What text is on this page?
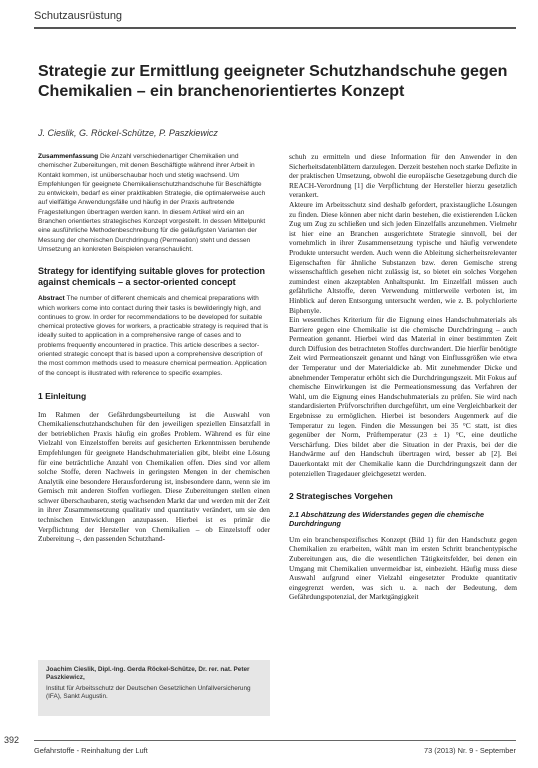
Schutzausrüstung
Strategie zur Ermittlung geeigneter Schutzhandschuhe gegen Chemikalien – ein branchenorientiertes Konzept
J. Cieslik, G. Röckel-Schütze, P. Paszkiewicz

Zusammenfassung Die Anzahl verschiedenartiger Chemikalien und chemischer Zubereitungen, mit denen Beschäftigte während ihrer Arbeit in Kontakt kommen, ist unüberschaubar hoch und stetig wachsend. Um Empfehlungen für geeignete Chemikalienschutzhandschuhe für Beschäftigte zu entwickeln, bedarf es einer praktikablen Strategie, die optimalerweise auch auf vielfältige Anwendungsfälle und häufig in der Praxis auftretende Fragestellungen übertragen werden kann. In diesem Artikel wird ein an Branchen orientiertes strategisches Konzept vorgestellt. In dessen Mittelpunkt eine ausführliche Methodenbeschreibung für die geläufigsten Varianten der Messung der chemischen Durchdringung (Permeation) steht und dessen Umsetzung an konkreten Beispielen veranschaulicht.

Strategy for identifying suitable gloves for protection against chemicals – a sector-oriented concept

Abstract The number of different chemicals and chemical preparations with which workers come into contact during their tasks is bewilderingly high, and continues to grow. In order for recommendations to be developed for suitable chemical protective gloves for workers, a practicable strategy is required that is ideally suited to application in a comprehensive range of cases and to problems frequently encountered in practice. This article describes a sector-oriented strategic concept that is based upon a comprehensive description of the most common methods used to measure chemical permeation. Application of the concept is illustrated with reference to specific examples.

1 Einleitung

Im Rahmen der Gefährdungsbeurteilung ist die Auswahl von Chemikalienschutzhandschuhen für den jeweiligen speziellen Einsatzfall in der betrieblichen Praxis häufig ein großes Problem. Während es für eine Vielzahl von Einzelstoffen bereits auf gesicherten Erkenntnissen beruhende Empfehlungen für geeignete Handschuhmaterialien gibt, bleibt eine Lösung für eine beträchtliche Anzahl von Chemikalien offen. Dies sind vor allem solche Stoffe, deren Nachweis in geringsten Mengen in der chemischen Analytik eine besondere Herausforderung ist, insbesondere dann, wenn sie im Gemisch mit anderen Stoffen vorliegen. Diese Zubereitungen stellen einen schwer überschaubaren, stetig wachsenden Markt dar und werden mit der Zeit in ihrer Zusammensetzung qualitativ und quantitativ verändert, um sie den technischen Entwicklungen anzupassen. Hierbei ist es primär die Verpflichtung der Hersteller von Chemikalien – ob Einzelstoff oder Zubereitung –, den passenden Schutzhand-

Joachim Cieslik, Dipl.-Ing. Gerda Röckel-Schütze, Dr. rer. nat. Peter Paszkiewicz,
Institut für Arbeitsschutz der Deutschen Gesetzlichen Unfallversicherung (IFA), Sankt Augustin.

schuh zu ermitteln und diese Information für den Anwender in den Sicherheitsdatenblättern darzulegen. Derzeit bestehen noch starke Defizite in der praktischen Umsetzung, obwohl die europäische Gesetzgebung durch die REACH-Verordnung [1] die Verpflichtung der Hersteller hierzu gesetzlich verankert.

Akteure im Arbeitsschutz sind deshalb gefordert, praxistaugliche Lösungen zu finden. Diese können aber nicht darin bestehen, die existierenden Lücken Zug um Zug zu schließen und sich jeden Einzelfalls anzunehmen. Vielmehr ist hier eine an Branchen ausgerichtete Strategie sinnvoll, bei der vornehmlich in ihrer Zusammensetzung typische und häufig verwendete Produkte untersucht werden. Auch wenn die Ableitung sicherheitsrelevanter Eigenschaften für ähnliche Substanzen bzw. deren Gemische streng wissenschaftlich gesehen nicht zulässig ist, so bietet ein solches Vorgehen zumindest einen akzeptablen Anhaltspunkt. Im Einzelfall müssen auch gefährliche Altstoffe, deren Verwendung mittlerweile verboten ist, im Hinblick auf deren Entsorgung untersucht werden, wie z. B. polychlorierte Biphenyle.

Ein wesentliches Kriterium für die Eignung eines Handschuhmaterials als Barriere gegen eine Chemikalie ist die chemische Durchdringung – auch Permeation genannt. Hierbei wird das Material in einer bestimmten Zeit durch Diffusion des betrachteten Stoffes durchwandert. Die hierfür benötigte Zeit wird Permeationszeit genannt und hängt von Einflussgrößen wie etwa der Temperatur und der Materialdicke ab. Mit zunehmender Dicke und abnehmender Temperatur erhöht sich die Durchdringungszeit. Mit Fokus auf chemische Einwirkungen ist die Permeationsmessung das Verfahren der Wahl, um die Eignung eines Handschuhmaterials zu prüfen. Sie wird nach standardisierten Prüfvorschriften durchgeführt, um eine Vergleichbarkeit der Ergebnisse zu ermöglichen. Hierbei ist besonders Augenmerk auf die Temperatur zu legen. Finden die Messungen bei 35 °C statt, ist dies gegenüber der Norm, Prüftemperatur (23 ± 1) °C, eine deutliche Verschärfung. Dies bildet aber die Situation in der Praxis, bei der die Handwärme auf den Handschuh übertragen wird, besser ab [2]. Bei Dauerkontakt mit der Chemikalie kann die Durchdringungszeit dann der potenziellen Tragedauer gleichgesetzt werden.

2 Strategisches Vorgehen
2.1 Abschätzung des Widerstandes gegen die chemische Durchdringung

Um ein branchenspezifisches Konzept (Bild 1) für den Handschutz gegen Chemikalien zu erarbeiten, wählt man im ersten Schritt branchentypische Zubereitungen aus, die die wesentlichen Tätigkeitsfelder, bei denen ein Umgang mit Chemikalien unvermeidbar ist, einbezieht. Häufig muss diese Auswahl aufgrund einer Vielzahl eingesetzter Produkte quantitativ eingegrenzt werden, was sich u. a. nach der Bedeutung, dem Gefährdungspotenzial, der Marktgängigkeit

392
Gefahrstoffe - Reinhaltung der Luft	73 (2013) Nr. 9 - September
